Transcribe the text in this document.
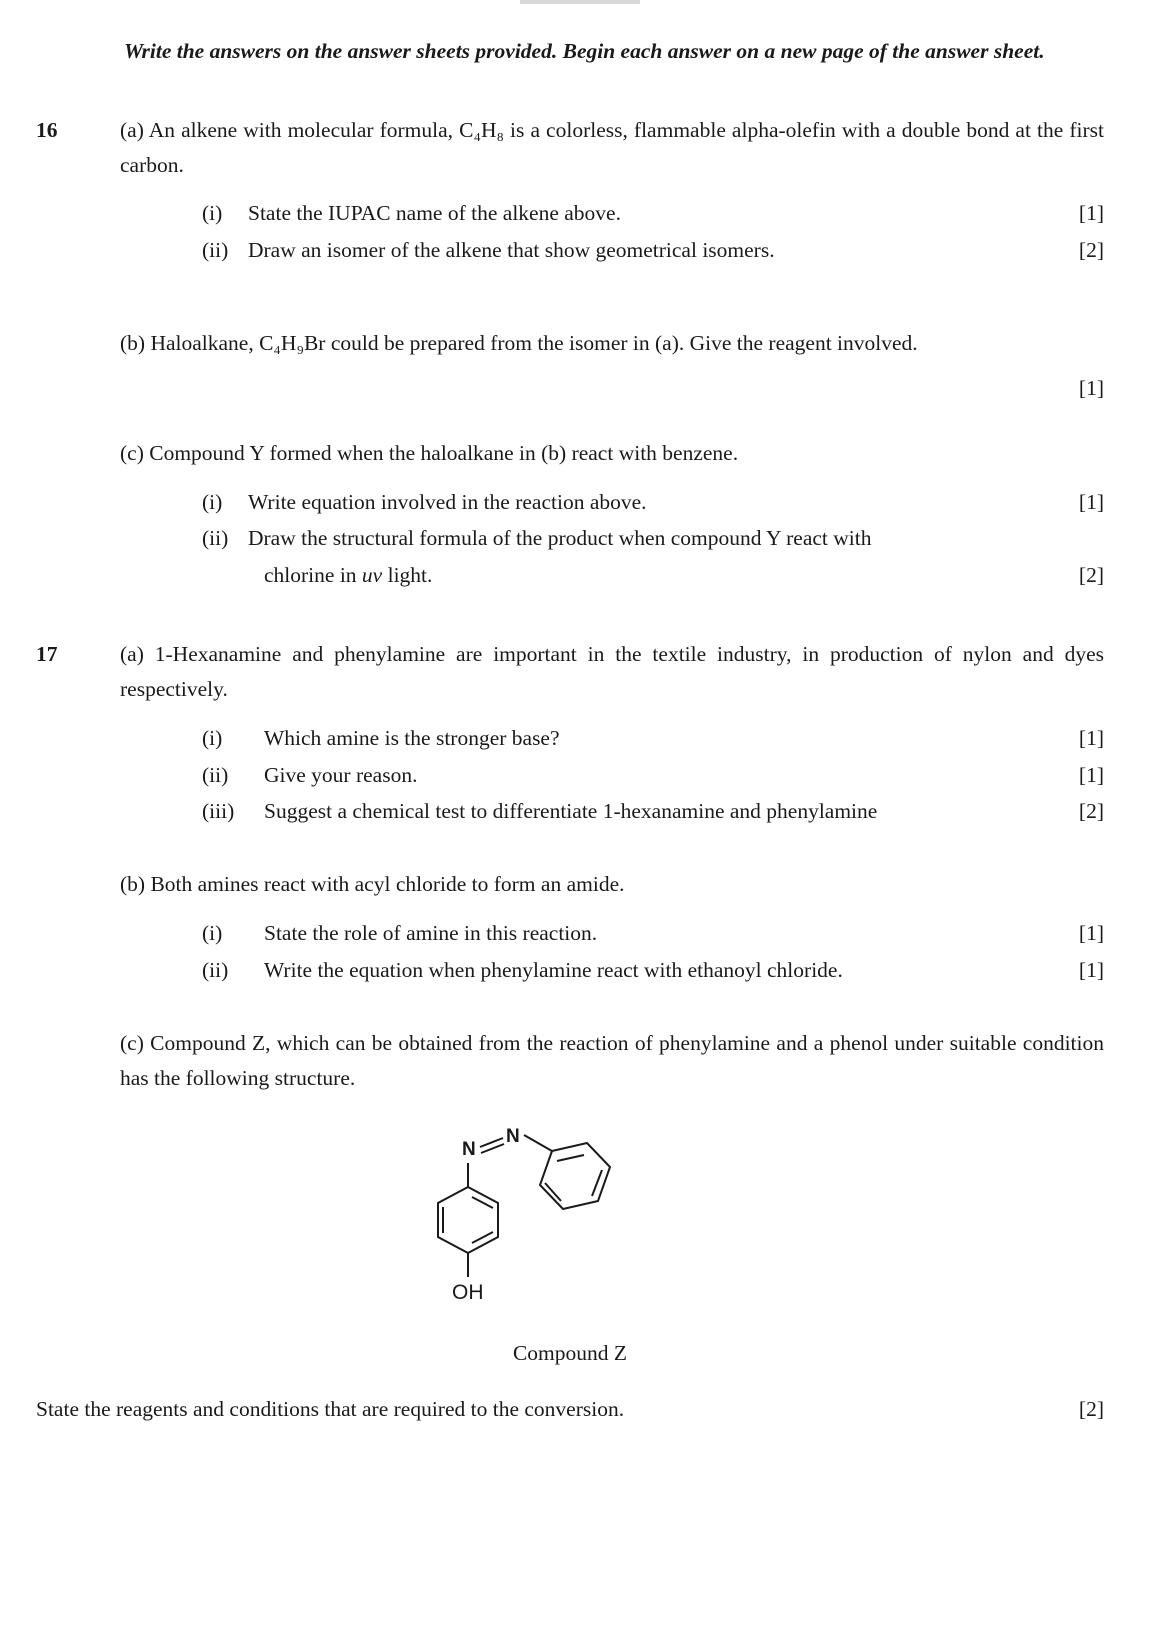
Write the answers on the answer sheets provided. Begin each answer on a new page of the answer sheet.

16	(a) An alkene with molecular formula, C₄H₈ is a colorless, flammable alpha-olefin with a double bond at the first carbon.
(i)	State the IUPAC name of the alkene above.	[1]
(ii) Draw an isomer of the alkene that show geometrical isomers.	[2]
(b) Haloalkane, C₄H₉Br could be prepared from the isomer in (a). Give the reagent involved.
[1]
(c) Compound Y formed when the haloalkane in (b) react with benzene.
(i)	Write equation involved in the reaction above.	[1]
(ii) Draw the structural formula of the product when compound Y react with
chlorine in uv light.	[2]
17	(a) 1-Hexanamine and phenylamine are important in the textile industry, in production of nylon and dyes respectively.
(i)	Which amine is the stronger base?	[1]
(ii)	Give your reason.	[1]
(iii)	Suggest a chemical test to differentiate 1-hexanamine and phenylamine	[2]
(b) Both amines react with acyl chloride to form an amide.
(i)	State the role of amine in this reaction.	[1]
(ii)	Write the equation when phenylamine react with ethanoyl chloride.	[1]
(c) Compound Z, which can be obtained from the reaction of phenylamine and a phenol under suitable condition has the following structure.
N
N
OH
Compound Z
State the reagents and conditions that are required to the conversion.	[2]
